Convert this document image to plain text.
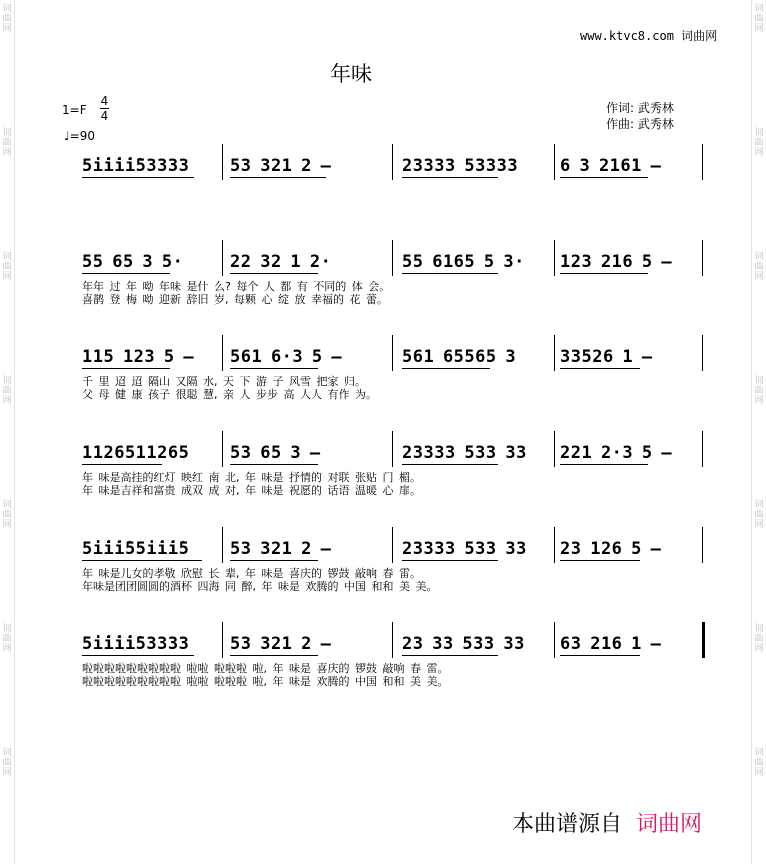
词曲网
词曲网
词曲网
词曲网
词曲网
词曲网
词曲网
词曲网
词曲网
词曲网
词曲网
词曲网
词曲网
词曲网
www.ktvc8.com 词曲网
年味
1=F
4
4
♩=90
作词: 武秀林
作曲: 武秀林
5i̇i̇i̇i̇53333 53 321 2 –	23333 53333 6 3 2161 –
55 65 3 5·	22 32 1 2·	55 6165 5 3· 123 216 5 –
年年 过 年 呦 年味 是什 么? 每个 人 都 有 不同的 体 会。
喜鹊 登 梅 呦 迎新 辞旧 岁, 每颗 心 绽 放 幸福的 花 蕾。
115 123 5 – 561 6·3 5 –	561 65565 3	33526 1 –
千 里 迢 迢 隔山 又隔 水, 天 下 游 子 风雪 把家 归。
父 母 健 康 孩子 很聪 慧, 亲 人 步步 高 人人 有作 为。
1126511265 53 65 3 –	23333 533 33 221 2·3 5 –
年 味是高挂的红灯 映红 南 北, 年 味是 抒情的 对联 张贴 门 楣。
年 味是吉祥和富贵 成双 成 对, 年 味是 祝愿的 话语 温暖 心 扉。
5i̇i̇i̇55i̇i̇i̇5 53 321 2 –	23333 533 33 23 126 5 –
年 味是儿女的孝敬 欣慰 长 辈, 年 味是 喜庆的 锣鼓 敲响 春 雷。
年味是团团圆圆的酒杯 四海 同 醉, 年 味是 欢腾的 中国 和和 美 美。
5i̇i̇i̇i̇53333 53 321 2 –	23 33 533 33 63 216 1 –
啦啦啦啦啦啦啦啦啦 啦啦 啦啦啦 啦, 年 味是 喜庆的 锣鼓 敲响 春 雷。
啦啦啦啦啦啦啦啦啦 啦啦 啦啦啦 啦, 年 味是 欢腾的 中国 和和 美 美。
本曲谱源自 词曲网
